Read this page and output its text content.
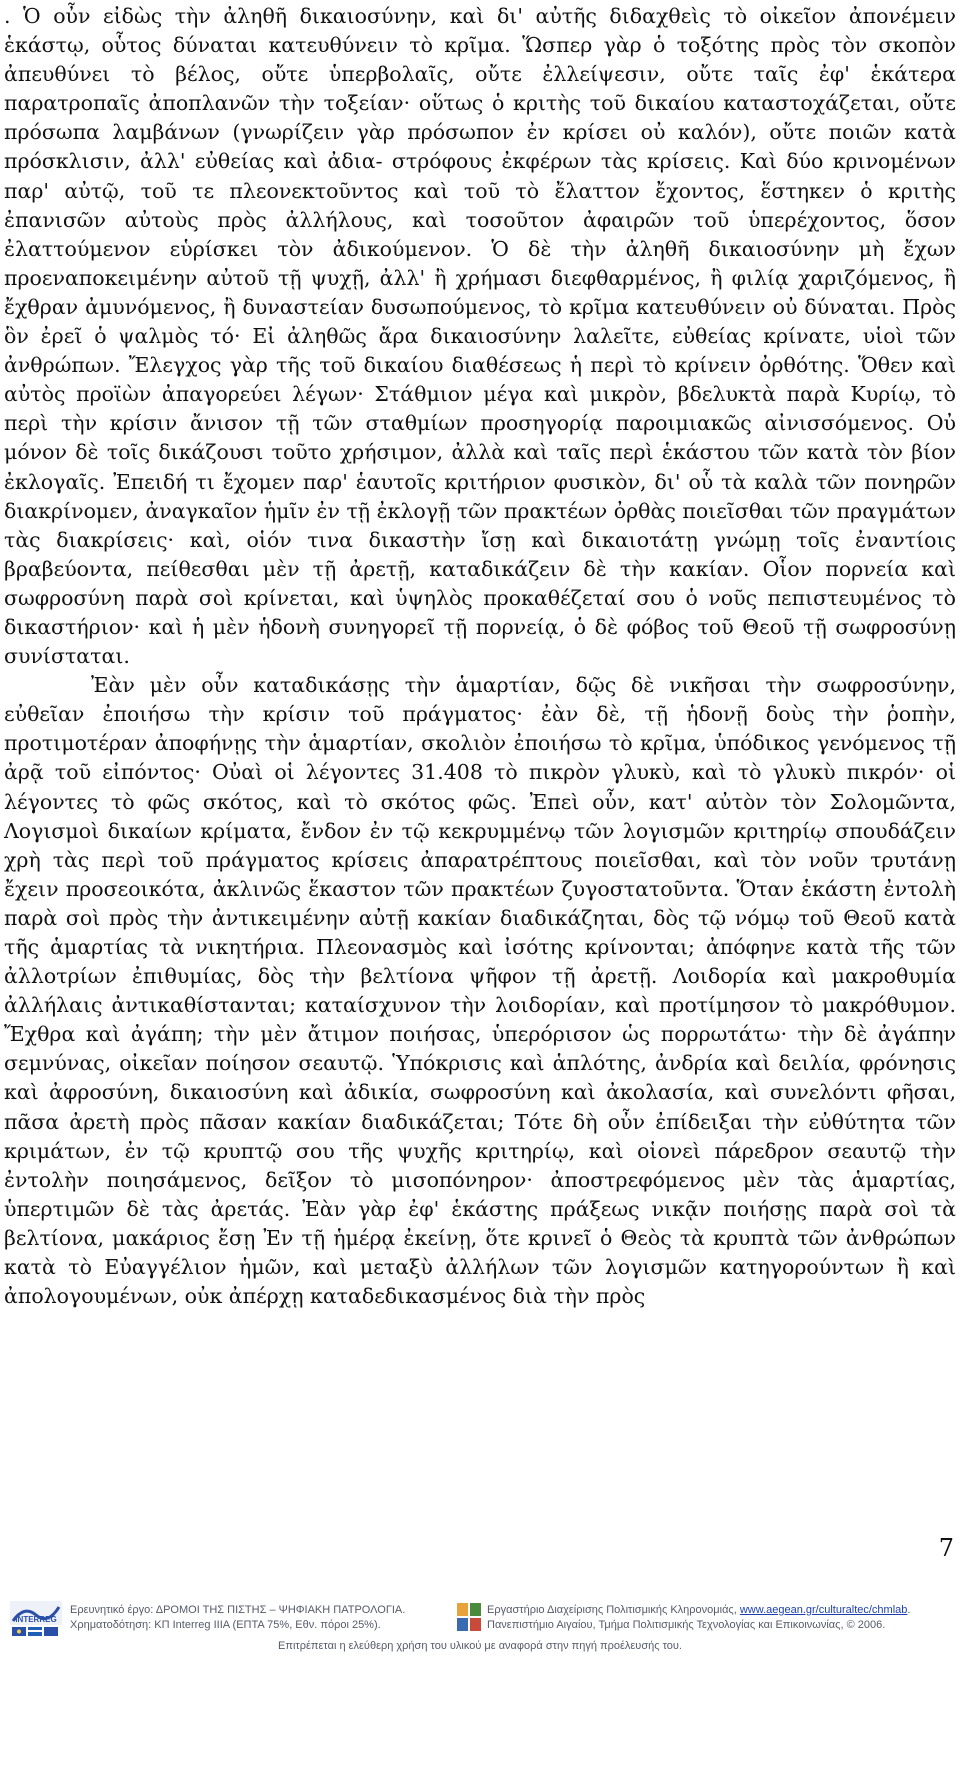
. Ὁ οὖν εἰδὼς τὴν ἀληθῆ δικαιοσύνην, καὶ δι' αὐτῆς διδαχθεὶς τὸ οἰκεῖον ἀπονέμειν ἑκάστῳ, οὗτος δύναται κατευθύνειν τὸ κρῖμα. Ὥσπερ γὰρ ὁ τοξότης πρὸς τὸν σκοπὸν ἀπευθύνει τὸ βέλος, οὔτε ὑπερβολαῖς, οὔτε ἐλλείψεσιν, οὔτε ταῖς ἐφ' ἑκάτερα παρατροπαῖς ἀποπλανῶν τὴν τοξείαν· οὕτως ὁ κριτὴς τοῦ δικαίου καταστοχάζεται, οὔτε πρόσωπα λαμβάνων (γνωρίζειν γὰρ πρόσωπον ἐν κρίσει οὐ καλόν), οὔτε ποιῶν κατὰ πρόσκλισιν, ἀλλ' εὐθείας καὶ ἀδια- στρόφους ἐκφέρων τὰς κρίσεις. Καὶ δύο κρινομένων παρ' αὐτῷ, τοῦ τε πλεονεκτοῦντος καὶ τοῦ τὸ ἔλαττον ἔχοντος, ἕστηκεν ὁ κριτὴς ἐπανισῶν αὐτοὺς πρὸς ἀλλήλους, καὶ τοσοῦτον ἀφαιρῶν τοῦ ὑπερέχοντος, ὅσον ἐλαττούμενον εὑρίσκει τὸν ἀδικούμενον. Ὁ δὲ τὴν ἀληθῆ δικαιοσύνην μὴ ἔχων προεναποκειμένην αὐτοῦ τῇ ψυχῇ, ἀλλ' ἢ χρήμασι διεφθαρμένος, ἢ φιλίᾳ χαριζόμενος, ἢ ἔχθραν ἀμυνόμενος, ἢ δυναστείαν δυσωπούμενος, τὸ κρῖμα κατευθύνειν οὐ δύναται. Πρὸς ὃν ἐρεῖ ὁ ψαλμὸς τό· Εἰ ἀληθῶς ἄρα δικαιοσύνην λαλεῖτε, εὐθείας κρίνατε, υἱοὶ τῶν ἀνθρώπων. Ἔλεγχος γὰρ τῆς τοῦ δικαίου διαθέσεως ἡ περὶ τὸ κρίνειν ὀρθότης. Ὅθεν καὶ αὐτὸς προϊὼν ἀπαγορεύει λέγων· Στάθμιον μέγα καὶ μικρὸν, βδελυκτὰ παρὰ Κυρίῳ, τὸ περὶ τὴν κρίσιν ἄνισον τῇ τῶν σταθμίων προσηγορίᾳ παροιμιακῶς αἰνισσόμενος. Οὐ μόνον δὲ τοῖς δικάζουσι τοῦτο χρήσιμον, ἀλλὰ καὶ ταῖς περὶ ἑκάστου τῶν κατὰ τὸν βίον ἐκλογαῖς. Ἐπειδή τι ἔχομεν παρ' ἑαυτοῖς κριτήριον φυσικὸν, δι' οὗ τὰ καλὰ τῶν πονηρῶν διακρίνομεν, ἀναγκαῖον ἡμῖν ἐν τῇ ἐκλογῇ τῶν πρακτέων ὀρθὰς ποιεῖσθαι τῶν πραγμάτων τὰς διακρίσεις· καὶ, οἱόν τινα δικαστὴν ἴσῃ καὶ δικαιοτάτῃ γνώμῃ τοῖς ἐναντίοις βραβεύοντα, πείθεσθαι μὲν τῇ ἀρετῇ, καταδικάζειν δὲ τὴν κακίαν. Οἷον πορνεία καὶ σωφροσύνη παρὰ σοὶ κρίνεται, καὶ ὑψηλὸς προκαθέζεταί σου ὁ νοῦς πεπιστευμένος τὸ δικαστήριον· καὶ ἡ μὲν ἡδονὴ συνηγορεῖ τῇ πορνείᾳ, ὁ δὲ φόβος τοῦ Θεοῦ τῇ σωφροσύνῃ συνίσταται.

Ἐὰν μὲν οὖν καταδικάσῃς τὴν ἁμαρτίαν, δῷς δὲ νικῆσαι τὴν σωφροσύνην, εὐθεῖαν ἐποιήσω τὴν κρίσιν τοῦ πράγματος· ἐὰν δὲ, τῇ ἡδονῇ δοὺς τὴν ῥοπὴν, προτιμοτέραν ἀποφήνῃς τὴν ἁμαρτίαν, σκολιὸν ἐποιήσω τὸ κρῖμα, ὑπόδικος γενόμενος τῇ ἀρᾷ τοῦ εἰπόντος· Οὐαὶ οἱ λέγοντες 31.408 τὸ πικρὸν γλυκὺ, καὶ τὸ γλυκὺ πικρόν· οἱ λέγοντες τὸ φῶς σκότος, καὶ τὸ σκότος φῶς. Ἐπεὶ οὖν, κατ' αὐτὸν τὸν Σολομῶντα, Λογισμοὶ δικαίων κρίματα, ἔνδον ἐν τῷ κεκρυμμένῳ τῶν λογισμῶν κριτηρίῳ σπουδάζειν χρὴ τὰς περὶ τοῦ πράγματος κρίσεις ἀπαρατρέπτους ποιεῖσθαι, καὶ τὸν νοῦν τρυτάνῃ ἔχειν προσεοικότα, ἀκλινῶς ἕκαστον τῶν πρακτέων ζυγοστατοῦντα. Ὅταν ἑκάστη ἐντολὴ παρὰ σοὶ πρὸς τὴν ἀντικειμένην αὐτῇ κακίαν διαδικάζηται, δὸς τῷ νόμῳ τοῦ Θεοῦ κατὰ τῆς ἁμαρτίας τὰ νικητήρια. Πλεονασμὸς καὶ ἰσότης κρίνονται; ἀπόφηνε κατὰ τῆς τῶν ἀλλοτρίων ἐπιθυμίας, δὸς τὴν βελτίονα ψῆφον τῇ ἀρετῇ. Λοιδορία καὶ μακροθυμία ἀλλήλαις ἀντικαθίστανται; καταίσχυνον τὴν λοιδορίαν, καὶ προτίμησον τὸ μακρόθυμον. Ἔχθρα καὶ ἀγάπη; τὴν μὲν ἄτιμον ποιήσας, ὑπερόρισον ὡς πορρωτάτω· τὴν δὲ ἀγάπην σεμνύνας, οἰκεῖαν ποίησον σεαυτῷ. Ὑπόκρισις καὶ ἁπλότης, ἀνδρία καὶ δειλία, φρόνησις καὶ ἀφροσύνη, δικαιοσύνη καὶ ἀδικία, σωφροσύνη καὶ ἀκολασία, καὶ συνελόντι φῆσαι, πᾶσα ἀρετὴ πρὸς πᾶσαν κακίαν διαδικάζεται; Τότε δὴ οὖν ἐπίδειξαι τὴν εὐθύτητα τῶν κριμάτων, ἐν τῷ κρυπτῷ σου τῆς ψυχῆς κριτηρίῳ, καὶ οἱονεὶ πάρεδρον σεαυτῷ τὴν ἐντολὴν ποιησάμενος, δεῖξον τὸ μισοπόνηρον· ἀποστρεφόμενος μὲν τὰς ἁμαρτίας, ὑπερτιμῶν δὲ τὰς ἀρετάς. Ἐὰν γὰρ ἐφ' ἑκάστης πράξεως νικᾷν ποιήσῃς παρὰ σοὶ τὰ βελτίονα, μακάριος ἔσῃ Ἐν τῇ ἡμέρᾳ ἐκείνῃ, ὅτε κρινεῖ ὁ Θεὸς τὰ κρυπτὰ τῶν ἀνθρώπων κατὰ τὸ Εὐαγγέλιον ἡμῶν, καὶ μεταξὺ ἀλλήλων τῶν λογισμῶν κατηγορούντων ἢ καὶ ἀπολογουμένων, οὐκ ἀπέρχῃ καταδεδικασμένος διὰ τὴν πρὸς

7
INTERREG
Ερευνητικό έργο: ΔΡΟΜΟΙ ΤΗΣ ΠΙΣΤΗΣ – ΨΗΦΙΑΚΗ ΠΑΤΡΟΛΟΓΙΑ.
Χρηματοδότηση: ΚΠ Interreg IIIA (ΕΠΤΑ 75%, Εθν. πόροι 25%).
Εργαστήριο Διαχείρισης Πολιτισμικής Κληρονομιάς, www.aegean.gr/culturaltec/chmlab.
Πανεπιστήμιο Αιγαίου, Τμήμα Πολιτισμικής Τεχνολογίας και Επικοινωνίας, © 2006.
Επιτρέπεται η ελεύθερη χρήση του υλικού με αναφορά στην πηγή προέλευσής του.
